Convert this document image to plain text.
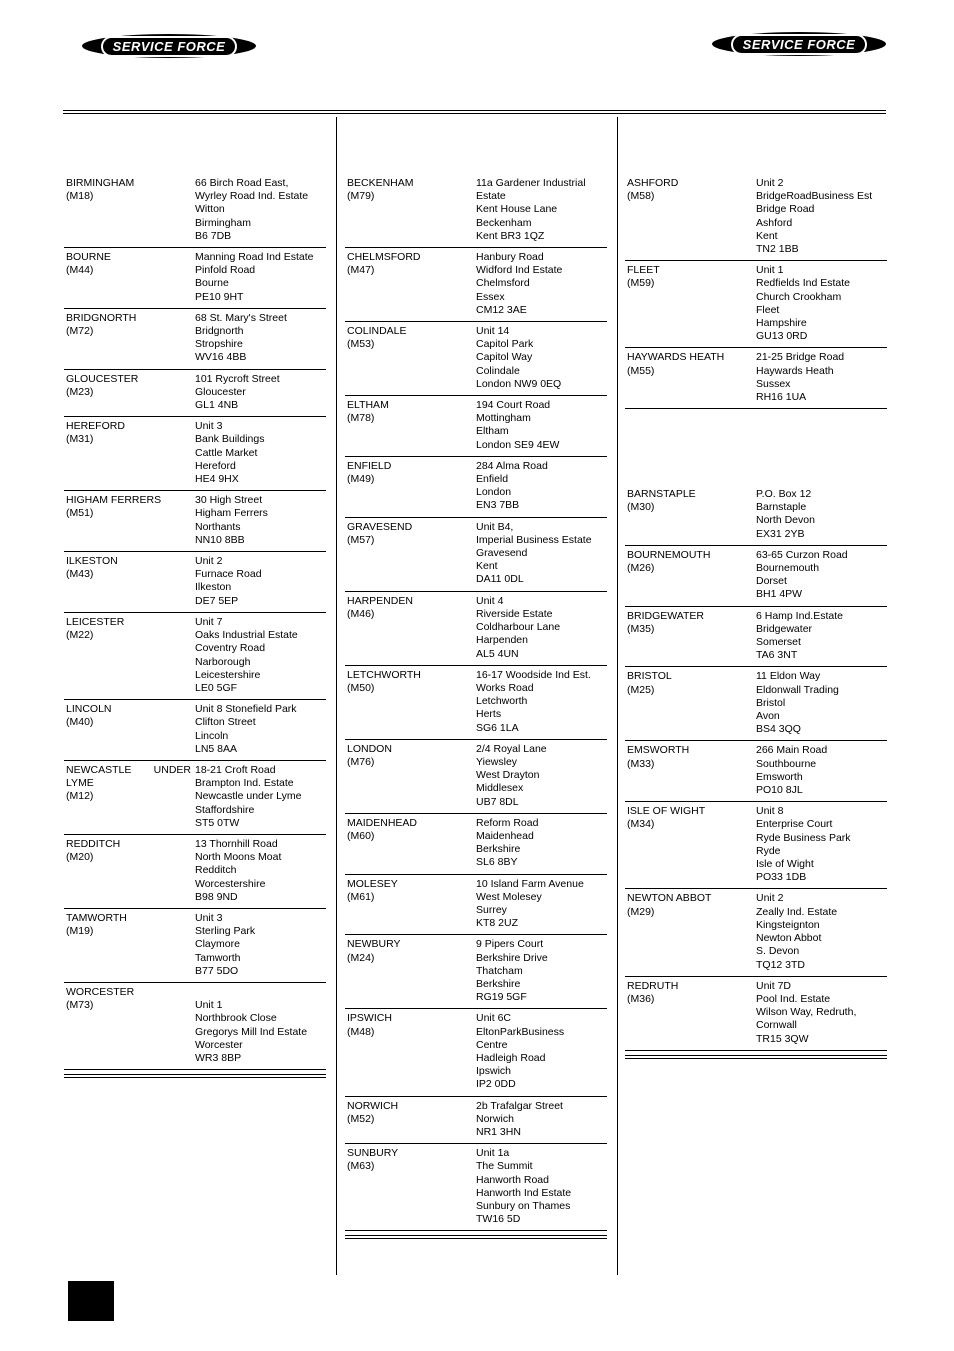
SERVICE FORCE	SERVICE FORCE
BIRMINGHAM
(M18)
66 Birch Road East,
Wyrley Road Ind. Estate
Witton
Birmingham
B6 7DB
BOURNE
(M44)
Manning Road Ind Estate
Pinfold Road
Bourne
PE10 9HT
BRIDGNORTH
(M72)
68 St. Mary's Street
Bridgnorth
Stropshire
WV16 4BB
GLOUCESTER
(M23)
101 Rycroft Street
Gloucester
GL1 4NB
HEREFORD
(M31)
Unit 3
Bank Buildings
Cattle Market
Hereford
HE4 9HX
HIGHAM FERRERS
(M51)
30 High Street
Higham Ferrers
Northants
NN10 8BB
ILKESTON
(M43)
Unit 2
Furnace Road
Ilkeston
DE7 5EP
LEICESTER
(M22)
Unit 7
Oaks Industrial Estate
Coventry Road
Narborough
Leicestershire
LE0 5GF
LINCOLN
(M40)
Unit 8 Stonefield Park
Clifton Street
Lincoln
LN5 8AA
NEWCASTLE UNDER LYME
(M12)
18-21 Croft Road
Brampton Ind. Estate
Newcastle under Lyme
Staffordshire
ST5 0TW
REDDITCH
(M20)
13 Thornhill Road
North Moons Moat
Redditch
Worcestershire
B98 9ND
TAMWORTH
(M19)
Unit 3
Sterling Park
Claymore
Tamworth
B77 5DO
WORCESTER
(M73)
	Unit 1
Northbrook Close
Gregorys Mill Ind Estate
Worcester
WR3 8BP
BECKENHAM
(M79)
11a Gardener Industrial
Estate
Kent House Lane
Beckenham
Kent BR3 1QZ
CHELMSFORD
(M47)
Hanbury Road
Widford Ind Estate
Chelmsford
Essex
CM12 3AE
COLINDALE
(M53)
Unit 14
Capitol Park
Capitol Way
Colindale
London NW9 0EQ
ELTHAM
(M78)
194 Court Road
Mottingham
Eltham
London SE9 4EW
ENFIELD
(M49)
284 Alma Road
Enfield
London
EN3 7BB
GRAVESEND
(M57)
Unit B4,
Imperial Business Estate
Gravesend
Kent
DA11 0DL
HARPENDEN
(M46)
Unit 4
Riverside Estate
Coldharbour Lane
Harpenden
AL5 4UN
LETCHWORTH
(M50)
16-17 Woodside Ind Est.
Works Road
Letchworth
Herts
SG6 1LA
LONDON
(M76)
2/4 Royal Lane
Yiewsley
West Drayton
Middlesex
UB7 8DL
MAIDENHEAD
(M60)
Reform Road
Maidenhead
Berkshire
SL6 8BY
MOLESEY
(M61)
10 Island Farm Avenue
West Molesey
Surrey
KT8 2UZ
NEWBURY
(M24)
9 Pipers Court
Berkshire Drive
Thatcham
Berkshire
RG19 5GF
IPSWICH
(M48)
Unit 6C
EltonParkBusiness
Centre
Hadleigh Road
Ipswich
IP2 0DD
NORWICH
(M52)
2b Trafalgar Street
Norwich
NR1 3HN
SUNBURY
(M63)
Unit 1a
The Summit
Hanworth Road
Hanworth Ind Estate
Sunbury on Thames
TW16 5D
ASHFORD
(M58)
Unit 2
BridgeRoadBusiness Est
Bridge Road
Ashford
Kent
TN2 1BB
FLEET
(M59)
Unit 1
Redfields Ind Estate
Church Crookham
Fleet
Hampshire
GU13 0RD
HAYWARDS HEATH
(M55)
21-25 Bridge Road
Haywards Heath
Sussex
RH16 1UA
BARNSTAPLE
(M30)
P.O. Box 12
Barnstaple
North Devon
EX31 2YB
BOURNEMOUTH
(M26)
63-65 Curzon Road
Bournemouth
Dorset
BH1 4PW
BRIDGEWATER
(M35)
6 Hamp Ind.Estate
Bridgewater
Somerset
TA6 3NT
BRISTOL
(M25)
11 Eldon Way
Eldonwall Trading
Bristol
Avon
BS4 3QQ
EMSWORTH
(M33)
266 Main Road
Southbourne
Emsworth
PO10 8JL
ISLE OF WIGHT
(M34)
Unit 8
Enterprise Court
Ryde Business Park
Ryde
Isle of Wight
PO33 1DB
NEWTON ABBOT
(M29)
Unit 2
Zeally Ind. Estate
Kingsteignton
Newton Abbot
S. Devon
TQ12 3TD
REDRUTH
(M36)
Unit 7D
Pool Ind. Estate
Wilson Way, Redruth,
Cornwall
TR15 3QW
